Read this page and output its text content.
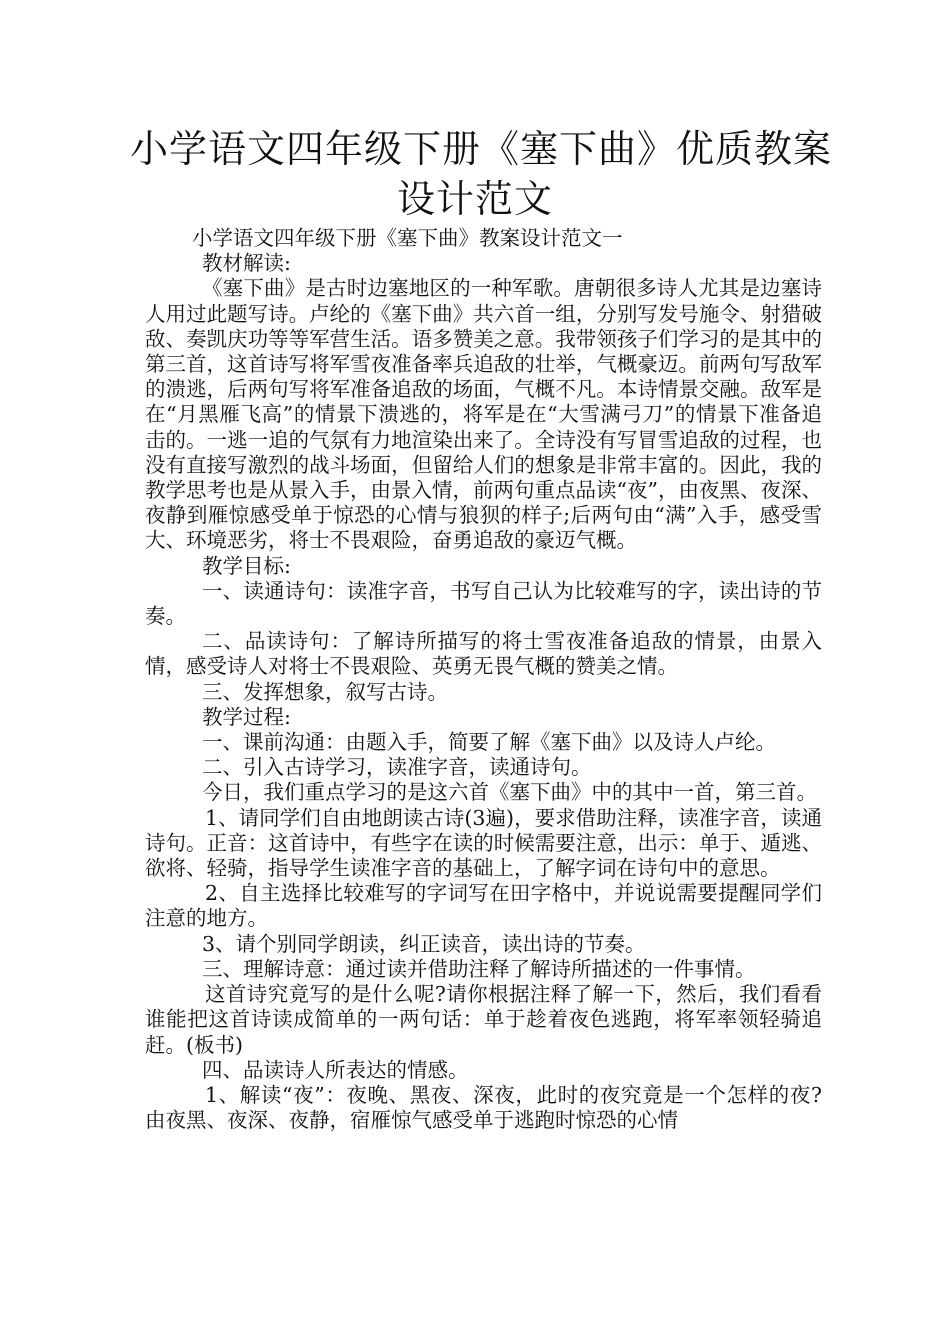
小学语文四年级下册《塞下曲》优质教案
设计范文

小学语文四年级下册《塞下曲》教案设计范文一

教材解读:

《塞下曲》是古时边塞地区的一种军歌。唐朝很多诗人尤其是边塞诗人用过此题写诗。卢纶的《塞下曲》共六首一组，分别写发号施令、射猎破敌、奏凯庆功等等军营生活。语多赞美之意。我带领孩子们学习的是其中的第三首，这首诗写将军雪夜准备率兵追敌的壮举，气概豪迈。前两句写敌军的溃逃，后两句写将军准备追敌的场面，气概不凡。本诗情景交融。敌军是在“月黑雁飞高”的情景下溃逃的，将军是在“大雪满弓刀”的情景下准备追击的。一逃一追的气氛有力地渲染出来了。全诗没有写冒雪追敌的过程，也没有直接写激烈的战斗场面，但留给人们的想象是非常丰富的。因此，我的教学思考也是从景入手，由景入情，前两句重点品读“夜”，由夜黑、夜深、夜静到雁惊感受单于惊恐的心情与狼狈的样子;后两句由“满”入手，感受雪大、环境恶劣，将士不畏艰险，奋勇追敌的豪迈气概。

教学目标:

一、读通诗句：读准字音，书写自己认为比较难写的字，读出诗的节奏。

二、品读诗句：了解诗所描写的将士雪夜准备追敌的情景，由景入情，感受诗人对将士不畏艰险、英勇无畏气概的赞美之情。

三、发挥想象，叙写古诗。

教学过程:

一、课前沟通：由题入手，简要了解《塞下曲》以及诗人卢纶。

二、引入古诗学习，读准字音，读通诗句。

今日，我们重点学习的是这六首《塞下曲》中的其中一首，第三首。

1、请同学们自由地朗读古诗(3遍)，要求借助注释，读准字音，读通诗句。正音：这首诗中，有些字在读的时候需要注意，出示：单于、遁逃、欲将、轻骑，指导学生读准字音的基础上，了解字词在诗句中的意思。

2、自主选择比较难写的字词写在田字格中，并说说需要提醒同学们注意的地方。

3、请个别同学朗读，纠正读音，读出诗的节奏。

三、理解诗意：通过读并借助注释了解诗所描述的一件事情。

这首诗究竟写的是什么呢?请你根据注释了解一下，然后，我们看看谁能把这首诗读成简单的一两句话：单于趁着夜色逃跑，将军率领轻骑追赶。(板书)

四、品读诗人所表达的情感。

1、解读“夜”：夜晚、黑夜、深夜，此时的夜究竟是一个怎样的夜?由夜黑、夜深、夜静，宿雁惊气感受单于逃跑时惊恐的心情
